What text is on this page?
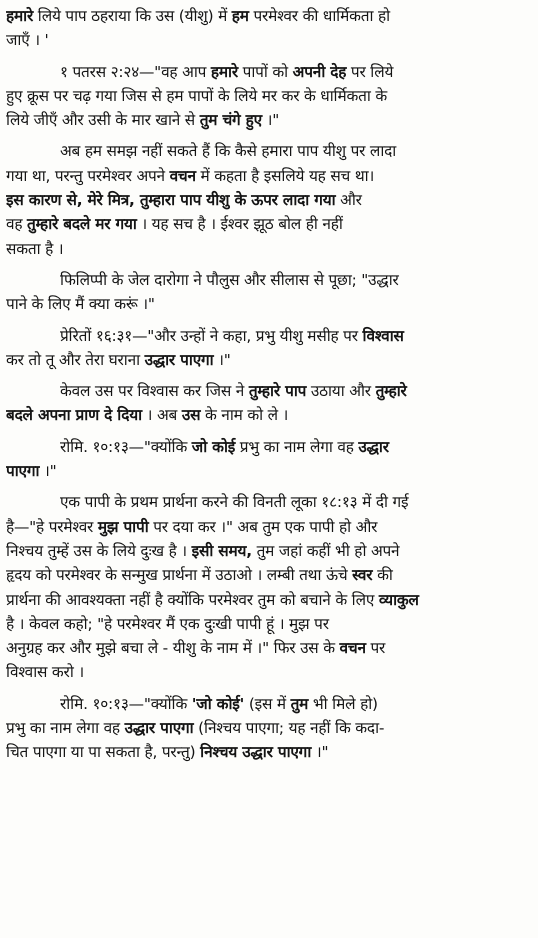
हमारे लिये पाप ठहराया कि उस (यीशु) में हम परमेश्वर की धार्मिकता हो
जाएँ । '
१ पतरस २:२४—"वह आप हमारे पापों को अपनी देह पर लिये
हुए क्रूस पर चढ़ गया जिस से हम पापों के लिये मर कर के धार्मिकता के
लिये जीएँ और उसी के मार खाने से तुम चंगे हुए ।"
अब हम समझ नहीं सकते हैं कि कैसे हमारा पाप यीशु पर लादा
गया था, परन्तु परमेश्वर अपने वचन में कहता है इसलिये यह सच था।
इस कारण से, मेरे मित्र, तुम्हारा पाप यीशु के ऊपर लादा गया और
वह तुम्हारे बदले मर गया । यह सच है । ईश्वर झूठ बोल ही नहीं
सकता है ।
फिलिप्पी के जेल दारोगा ने पौलुस और सीलास से पूछा; "उद्धार
पाने के लिए मैं क्या करूं ।"
प्रेरितों १६:३१—"और उन्हों ने कहा, प्रभु यीशु मसीह पर विश्वास
कर तो तू और तेरा घराना उद्धार पाएगा ।"
केवल उस पर विश्वास कर जिस ने तुम्हारे पाप उठाया और तुम्हारे
बदले अपना प्राण दे दिया । अब उस के नाम को ले ।
रोमि. १०:१३—"क्योंकि जो कोई प्रभु का नाम लेगा वह उद्धार
पाएगा ।"
एक पापी के प्रथम प्रार्थना करने की विनती लूका १८:१३ में दी गई
है—"हे परमेश्वर मुझ पापी पर दया कर ।" अब तुम एक पापी हो और
निश्चय तुम्हें उस के लिये दुःख है । इसी समय, तुम जहां कहीं भी हो अपने
हृदय को परमेश्वर के सन्मुख प्रार्थना में उठाओ । लम्बी तथा ऊंचे स्वर की
प्रार्थना की आवश्यक्ता नहीं है क्योंकि परमेश्वर तुम को बचाने के लिए व्याकुल
है । केवल कहो; "हे परमेश्वर मैं एक दुःखी पापी हूं । मुझ पर
अनुग्रह कर और मुझे बचा ले - यीशु के नाम में ।" फिर उस के वचन पर
विश्वास करो ।
रोमि. १०:१३—"क्योंकि 'जो कोई' (इस में तुम भी मिले हो)
प्रभु का नाम लेगा वह उद्धार पाएगा (निश्चय पाएगा; यह नहीं कि कदा-
चित पाएगा या पा सकता है, परन्तु) निश्चय उद्धार पाएगा ।"
